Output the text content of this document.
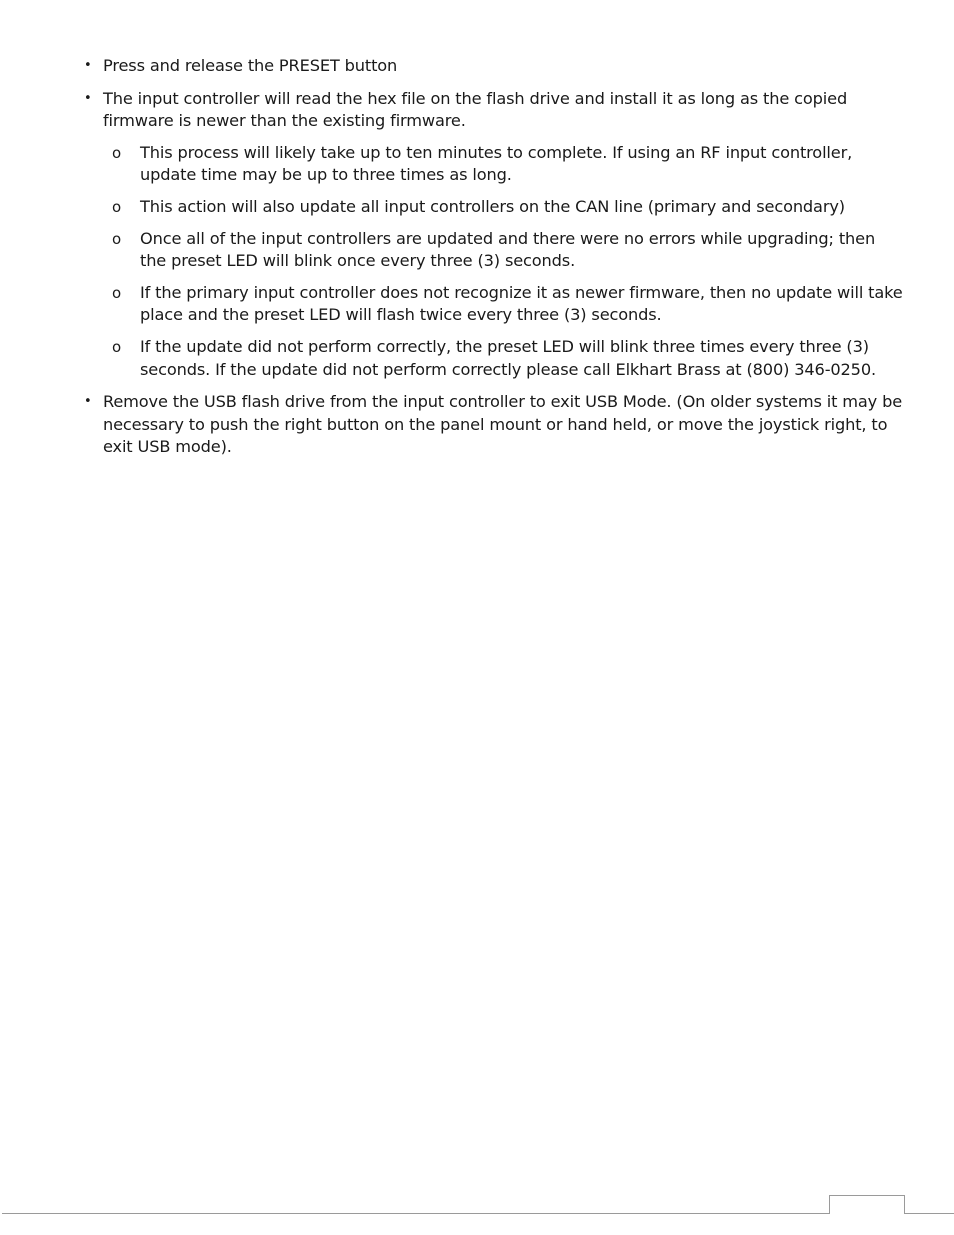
• Press and release the PRESET button
• The input controller will read the hex file on the flash drive and install it as long as the copied firmware is newer than the existing firmware.
o This process will likely take up to ten minutes to complete. If using an RF input controller, update time may be up to three times as long.
o This action will also update all input controllers on the CAN line (primary and secondary)
o Once all of the input controllers are updated and there were no errors while upgrading; then the preset LED will blink once every three (3) seconds.
o If the primary input controller does not recognize it as newer firmware, then no update will take place and the preset LED will flash twice every three (3) seconds.
o If the update did not perform correctly, the preset LED will blink three times every three (3) seconds. If the update did not perform correctly please call Elkhart Brass at (800) 346-0250.
• Remove the USB flash drive from the input controller to exit USB Mode. (On older systems it may be necessary to push the right button on the panel mount or hand held, or move the joystick right, to exit USB mode).
